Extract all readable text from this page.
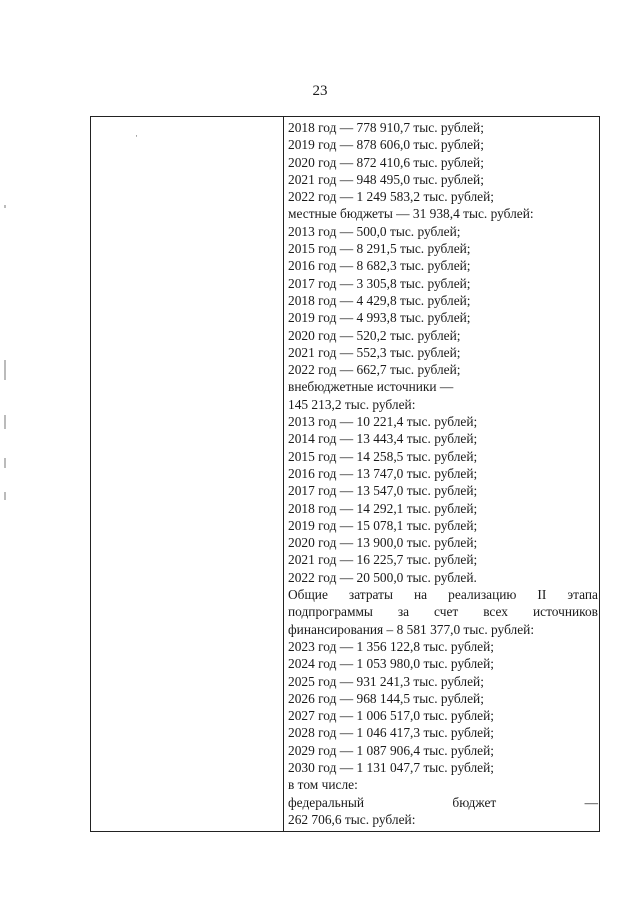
23
·
2018 год — 778 910,7 тыс. рублей;
2019 год — 878 606,0 тыс. рублей;
2020 год — 872 410,6 тыс. рублей;
2021 год — 948 495,0 тыс. рублей;
2022 год — 1 249 583,2 тыс. рублей;
местные бюджеты — 31 938,4 тыс. рублей:
2013 год — 500,0 тыс. рублей;
2015 год — 8 291,5 тыс. рублей;
2016 год — 8 682,3 тыс. рублей;
2017 год — 3 305,8 тыс. рублей;
2018 год — 4 429,8 тыс. рублей;
2019 год — 4 993,8 тыс. рублей;
2020 год — 520,2 тыс. рублей;
2021 год — 552,3 тыс. рублей;
2022 год — 662,7 тыс. рублей;
внебюджетные источники —
145 213,2 тыс. рублей:
2013 год — 10 221,4 тыс. рублей;
2014 год — 13 443,4 тыс. рублей;
2015 год — 14 258,5 тыс. рублей;
2016 год — 13 747,0 тыс. рублей;
2017 год — 13 547,0 тыс. рублей;
2018 год — 14 292,1 тыс. рублей;
2019 год — 15 078,1 тыс. рублей;
2020 год — 13 900,0 тыс. рублей;
2021 год — 16 225,7 тыс. рублей;
2022 год — 20 500,0 тыс. рублей.
Общие затраты на реализацию II этапа
подпрограммы за счет всех источников
финансирования – 8 581 377,0 тыс. рублей:
2023 год — 1 356 122,8 тыс. рублей;
2024 год — 1 053 980,0 тыс. рублей;
2025 год — 931 241,3 тыс. рублей;
2026 год — 968 144,5 тыс. рублей;
2027 год — 1 006 517,0 тыс. рублей;
2028 год — 1 046 417,3 тыс. рублей;
2029 год — 1 087 906,4 тыс. рублей;
2030 год — 1 131 047,7 тыс. рублей;
в том числе:
федеральный	бюджет	—
262 706,6 тыс. рублей:
